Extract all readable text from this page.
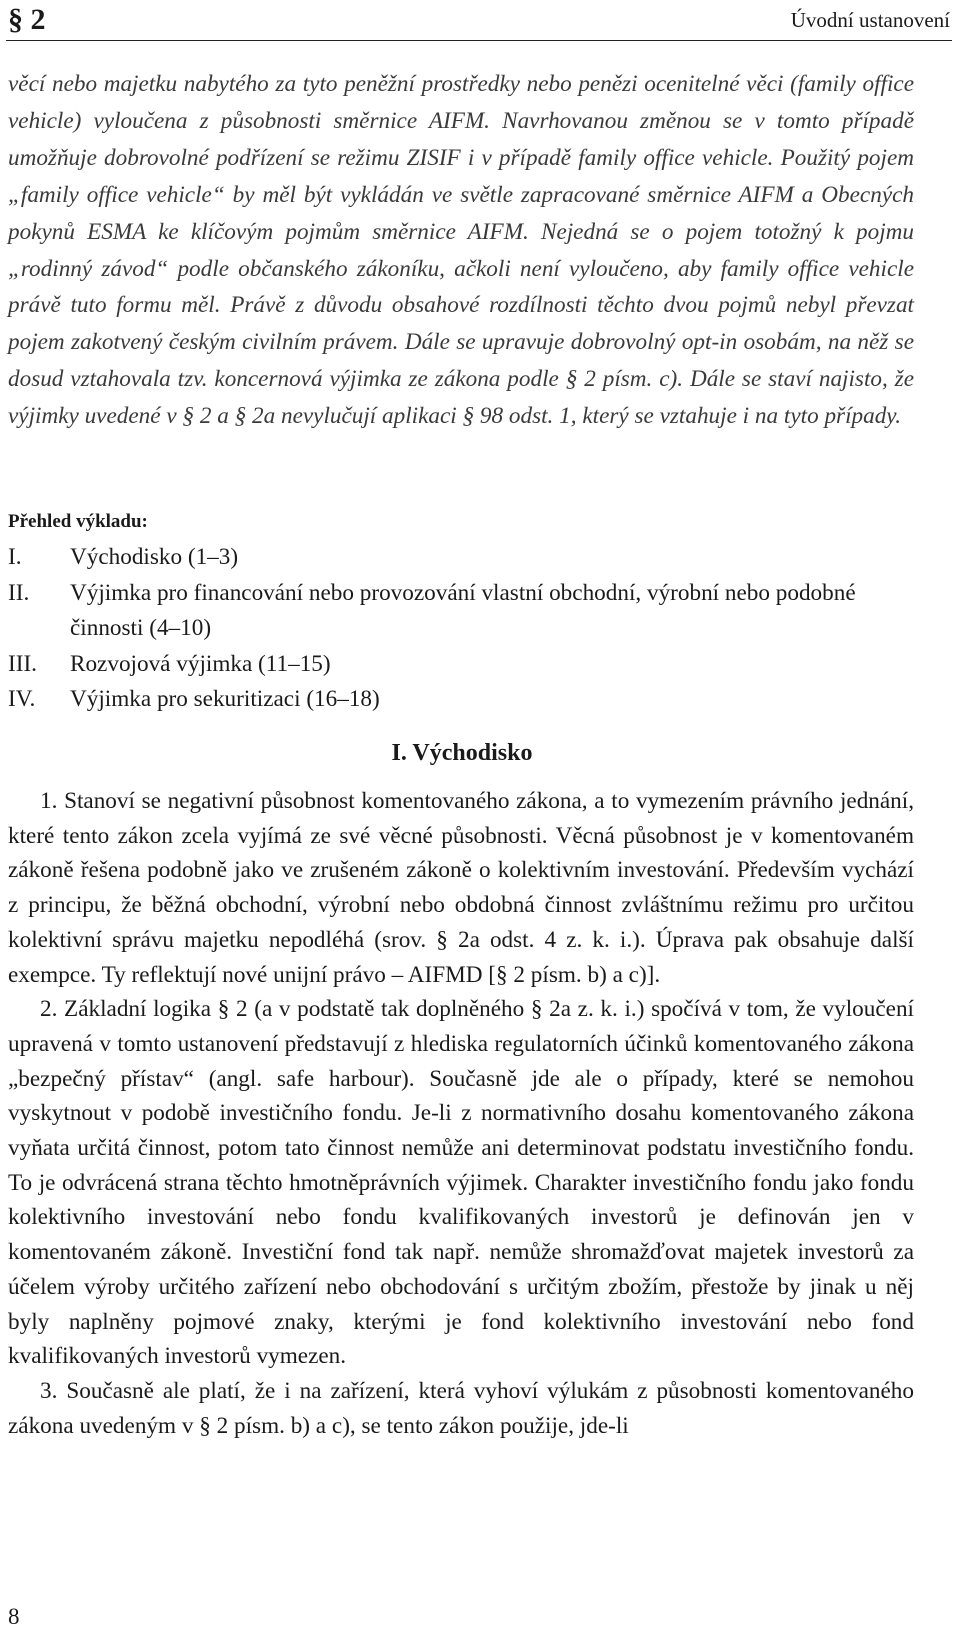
§ 2	Úvodní ustanovení

věcí nebo majetku nabytého za tyto peněžní prostředky nebo penězi ocenitelné věci (family office vehicle) vyloučena z působnosti směrnice AIFM. Navrhovanou změnou se v tomto případě umožňuje dobrovolné podřízení se režimu ZISIF i v případě family office vehicle. Použitý pojem „family office vehicle“ by měl být vykládán ve světle zapracované směrnice AIFM a Obecných pokynů ESMA ke klíčovým pojmům směrnice AIFM. Nejedná se o pojem totožný k pojmu „rodinný závod“ podle občanského zákoníku, ačkoli není vyloučeno, aby family office vehicle právě tuto formu měl. Právě z důvodu obsahové rozdílnosti těchto dvou pojmů nebyl převzat pojem zakotvený českým civilním právem. Dále se upravuje dobrovolný opt-in osobám, na něž se dosud vztahovala tzv. koncernová výjimka ze zákona podle § 2 písm. c). Dále se staví najisto, že výjimky uvedené v § 2 a § 2a nevylučují aplikaci § 98 odst. 1, který se vztahuje i na tyto případy.

Přehled výkladu:
I. Východisko (1–3)
II. Výjimka pro financování nebo provozování vlastní obchodní, výrobní nebo podobné činnosti (4–10)
III. Rozvojová výjimka (11–15)
IV. Výjimka pro sekuritizaci (16–18)
I. Východisko

1. Stanoví se negativní působnost komentovaného zákona, a to vymezením právního jednání, které tento zákon zcela vyjímá ze své věcné působnosti. Věcná působnost je v komentovaném zákoně řešena podobně jako ve zrušeném zákoně o kolektivním investování. Především vychází z principu, že běžná obchodní, výrobní nebo obdobná činnost zvláštnímu režimu pro určitou kolektivní správu majetku nepodléhá (srov. § 2a odst. 4 z. k. i.). Úprava pak obsahuje další exempce. Ty reflektují nové unijní právo – AIFMD [§ 2 písm. b) a c)].

2. Základní logika § 2 (a v podstatě tak doplněného § 2a z. k. i.) spočívá v tom, že vyloučení upravená v tomto ustanovení představují z hlediska regulatorních účinků komentovaného zákona „bezpečný přístav“ (angl. safe harbour). Současně jde ale o případy, které se nemohou vyskytnout v podobě investičního fondu. Je-li z normativního dosahu komentovaného zákona vyňata určitá činnost, potom tato činnost nemůže ani determinovat podstatu investičního fondu. To je odvrácená strana těchto hmotněprávních výjimek. Charakter investičního fondu jako fondu kolektivního investování nebo fondu kvalifikovaných investorů je definován jen v komentovaném zákoně. Investiční fond tak např. nemůže shromažďovat majetek investorů za účelem výroby určitého zařízení nebo obchodování s určitým zbožím, přestože by jinak u něj byly naplněny pojmové znaky, kterými je fond kolektivního investování nebo fond kvalifikovaných investorů vymezen.

3. Současně ale platí, že i na zařízení, která vyhoví výlukám z působnosti komentovaného zákona uvedeným v § 2 písm. b) a c), se tento zákon použije, jde-li

8
